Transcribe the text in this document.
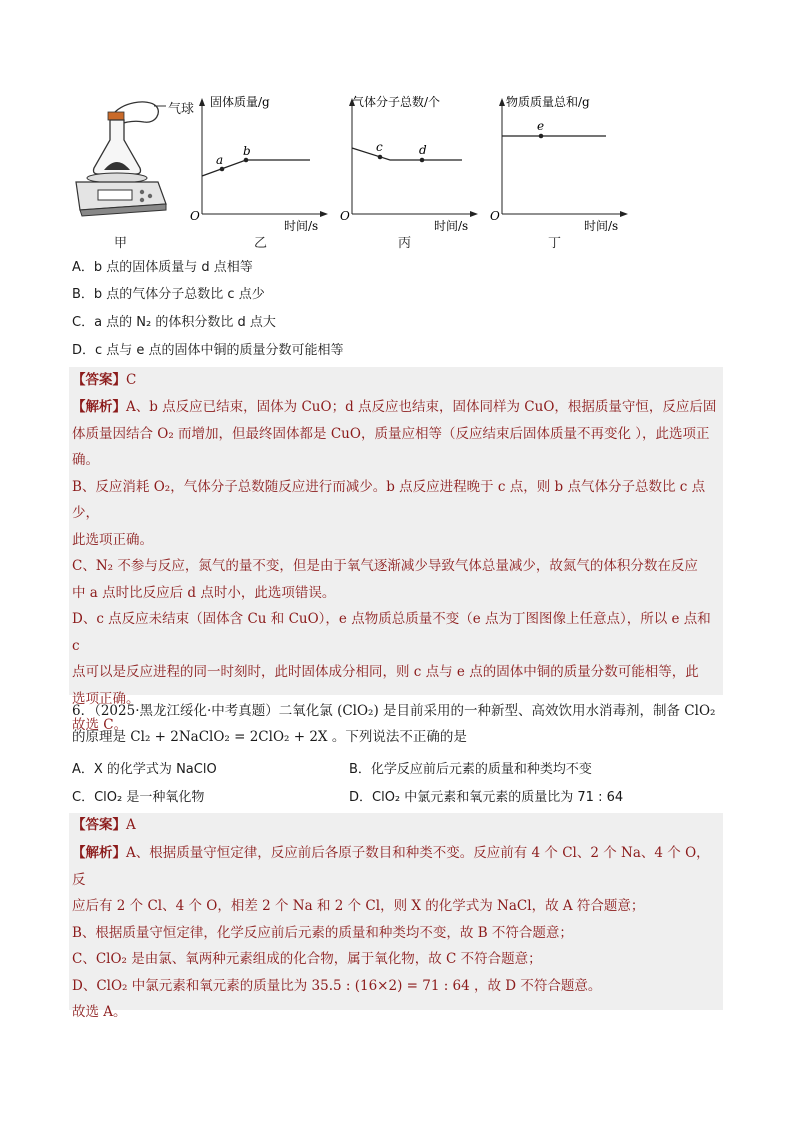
气球
甲
a
b
O
固体质量/g
时间/s
乙
c	d
O
气体分子总数/个
时间/s
丙
e
O
物质质量总和/g
时间/s
丁
A．b 点的固体质量与 d 点相等
B．b 点的气体分子总数比 c 点少
C．a 点的 N₂ 的体积分数比 d 点大
D．c 点与 e 点的固体中铜的质量分数可能相等
【答案】C
【解析】A、b 点反应已结束，固体为 CuO；d 点反应也结束，固体同样为 CuO，根据质量守恒，反应后固
体质量因结合 O₂ 而增加，但最终固体都是 CuO，质量应相等（反应结束后固体质量不再变化 ），此选项正
确。
B、反应消耗 O₂，气体分子总数随反应进行而减少。b 点反应进程晚于 c 点，则 b 点气体分子总数比 c 点少，
此选项正确。
C、N₂ 不参与反应，氮气的量不变，但是由于氧气逐渐减少导致气体总量减少，故氮气的体积分数在反应
中 a 点时比反应后 d 点时小，此选项错误。
D、c 点反应未结束（固体含 Cu 和 CuO），e 点物质总质量不变（e 点为丁图图像上任意点），所以 e 点和 c
点可以是反应进程的同一时刻时，此时固体成分相同，则 c 点与 e 点的固体中铜的质量分数可能相等，此
选项正确。
故选 C。
6．（2025·黑龙江绥化·中考真题）二氧化氯 (ClO₂) 是目前采用的一种新型、高效饮用水消毒剂，制备 ClO₂
的原理是 Cl₂ + 2NaClO₂ = 2ClO₂ + 2X 。下列说法不正确的是
A．X 的化学式为 NaClO	B．化学反应前后元素的质量和种类均不变
C．ClO₂ 是一种氧化物	D．ClO₂ 中氯元素和氧元素的质量比为 71 : 64
【答案】A
【解析】A、根据质量守恒定律，反应前后各原子数目和种类不变。反应前有 4 个 Cl、2 个 Na、4 个 O，反
应后有 2 个 Cl、4 个 O，相差 2 个 Na 和 2 个 Cl，则 X 的化学式为 NaCl，故 A 符合题意；
B、根据质量守恒定律，化学反应前后元素的质量和种类均不变，故 B 不符合题意；
C、ClO₂ 是由氯、氧两种元素组成的化合物，属于氧化物，故 C 不符合题意；
D、ClO₂ 中氯元素和氧元素的质量比为 35.5 : (16×2) = 71 : 64 ，故 D 不符合题意。
故选 A。
